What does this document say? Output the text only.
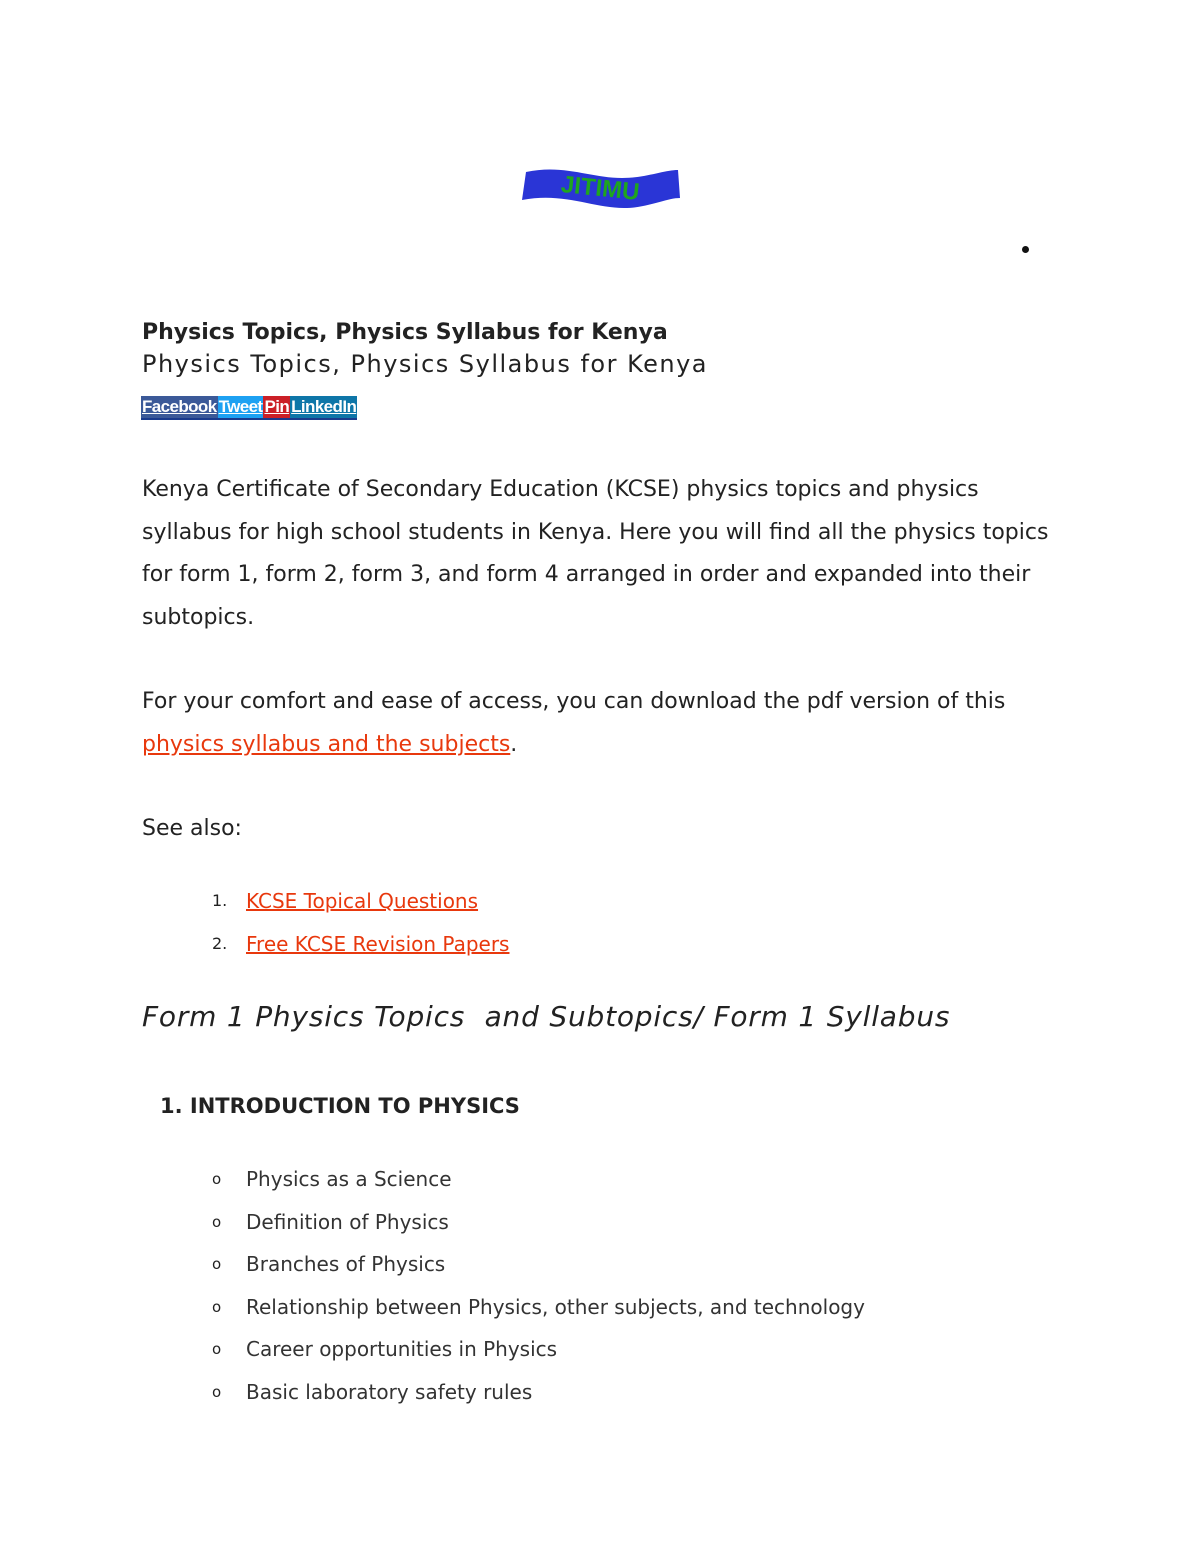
JITIMU
Physics Topics, Physics Syllabus for Kenya
Physics Topics, Physics Syllabus for Kenya
Facebook Tweet Pin LinkedIn
Kenya Certificate of Secondary Education (KCSE) physics topics and physics syllabus for high school students in Kenya. Here you will find all the physics topics for form 1, form 2, form 3, and form 4 arranged in order and expanded into their subtopics.
For your comfort and ease of access, you can download the pdf version of this physics syllabus and the subjects.
See also:
1. KCSE Topical Questions
2. Free KCSE Revision Papers
Form 1 Physics Topics  and Subtopics/ Form 1 Syllabus
1. INTRODUCTION TO PHYSICS
o	Physics as a Science
o	Definition of Physics
o	Branches of Physics
o	Relationship between Physics, other subjects, and technology
o	Career opportunities in Physics
o	Basic laboratory safety rules
